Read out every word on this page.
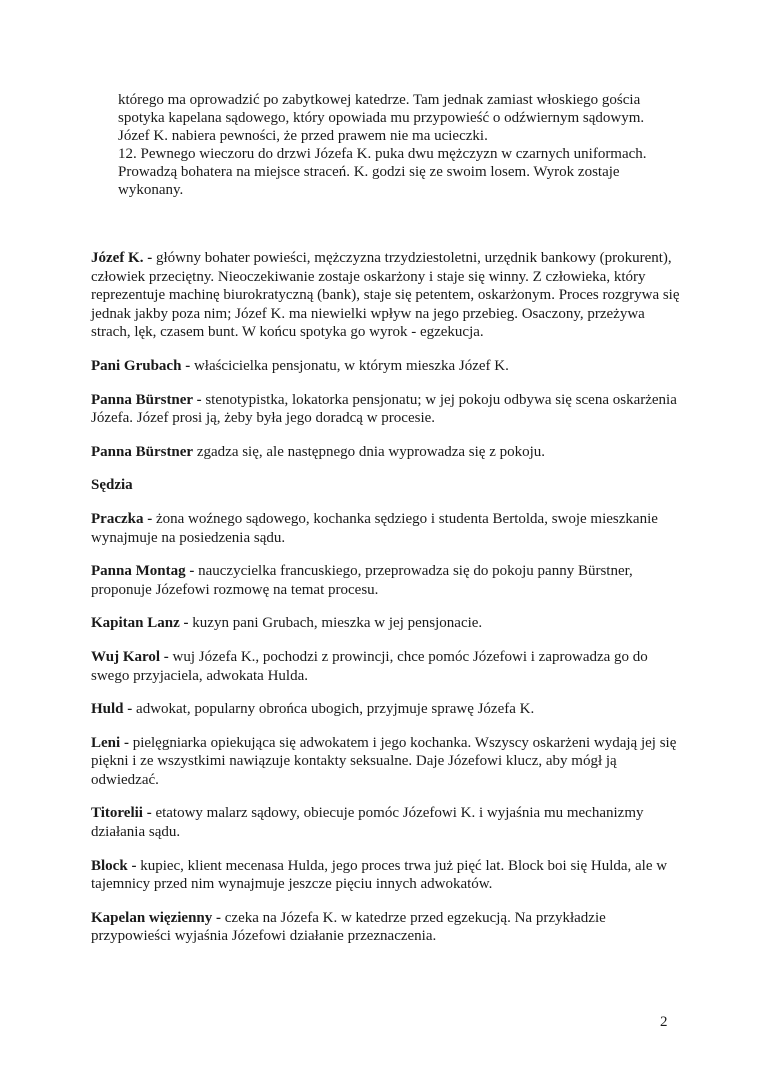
którego ma oprowadzić po zabytkowej katedrze. Tam jednak zamiast włoskiego gościa spotyka kapelana sądowego, który opowiada mu przypowieść o odźwiernym sądowym. Józef K. nabiera pewności, że przed prawem nie ma ucieczki.

12. Pewnego wieczoru do drzwi Józefa K. puka dwu mężczyzn w czarnych uniformach. Prowadzą bohatera na miejsce straceń. K. godzi się ze swoim losem. Wyrok zostaje wykonany.

Józef K. - główny bohater powieści, mężczyzna trzydziestoletni, urzędnik bankowy (prokurent), człowiek przeciętny. Nieoczekiwanie zostaje oskarżony i staje się winny. Z człowieka, który reprezentuje machinę biurokratyczną (bank), staje się petentem, oskarżonym. Proces rozgrywa się jednak jakby poza nim; Józef K. ma niewielki wpływ na jego przebieg. Osaczony, przeżywa strach, lęk, czasem bunt. W końcu spotyka go wyrok - egzekucja.

Pani Grubach - właścicielka pensjonatu, w którym mieszka Józef K.

Panna Bürstner - stenotypistka, lokatorka pensjonatu; w jej pokoju odbywa się scena oskarżenia Józefa. Józef prosi ją, żeby była jego doradcą w procesie.

Panna Bürstner zgadza się, ale następnego dnia wyprowadza się z pokoju.

Sędzia

Praczka - żona woźnego sądowego, kochanka sędziego i studenta Bertolda, swoje mieszkanie wynajmuje na posiedzenia sądu.

Panna Montag - nauczycielka francuskiego, przeprowadza się do pokoju panny Bürstner, proponuje Józefowi rozmowę na temat procesu.

Kapitan Lanz - kuzyn pani Grubach, mieszka w jej pensjonacie.

Wuj Karol - wuj Józefa K., pochodzi z prowincji, chce pomóc Józefowi i zaprowadza go do swego przyjaciela, adwokata Hulda.

Huld - adwokat, popularny obrońca ubogich, przyjmuje sprawę Józefa K.

Leni - pielęgniarka opiekująca się adwokatem i jego kochanka. Wszyscy oskarżeni wydają jej się piękni i ze wszystkimi nawiązuje kontakty seksualne. Daje Józefowi klucz, aby mógł ją odwiedzać.

Titorelii - etatowy malarz sądowy, obiecuje pomóc Józefowi K. i wyjaśnia mu mechanizmy działania sądu.

Block - kupiec, klient mecenasa Hulda, jego proces trwa już pięć lat. Block boi się Hulda, ale w tajemnicy przed nim wynajmuje jeszcze pięciu innych adwokatów.

Kapelan więzienny - czeka na Józefa K. w katedrze przed egzekucją. Na przykładzie przypowieści wyjaśnia Józefowi działanie przeznaczenia.

2
